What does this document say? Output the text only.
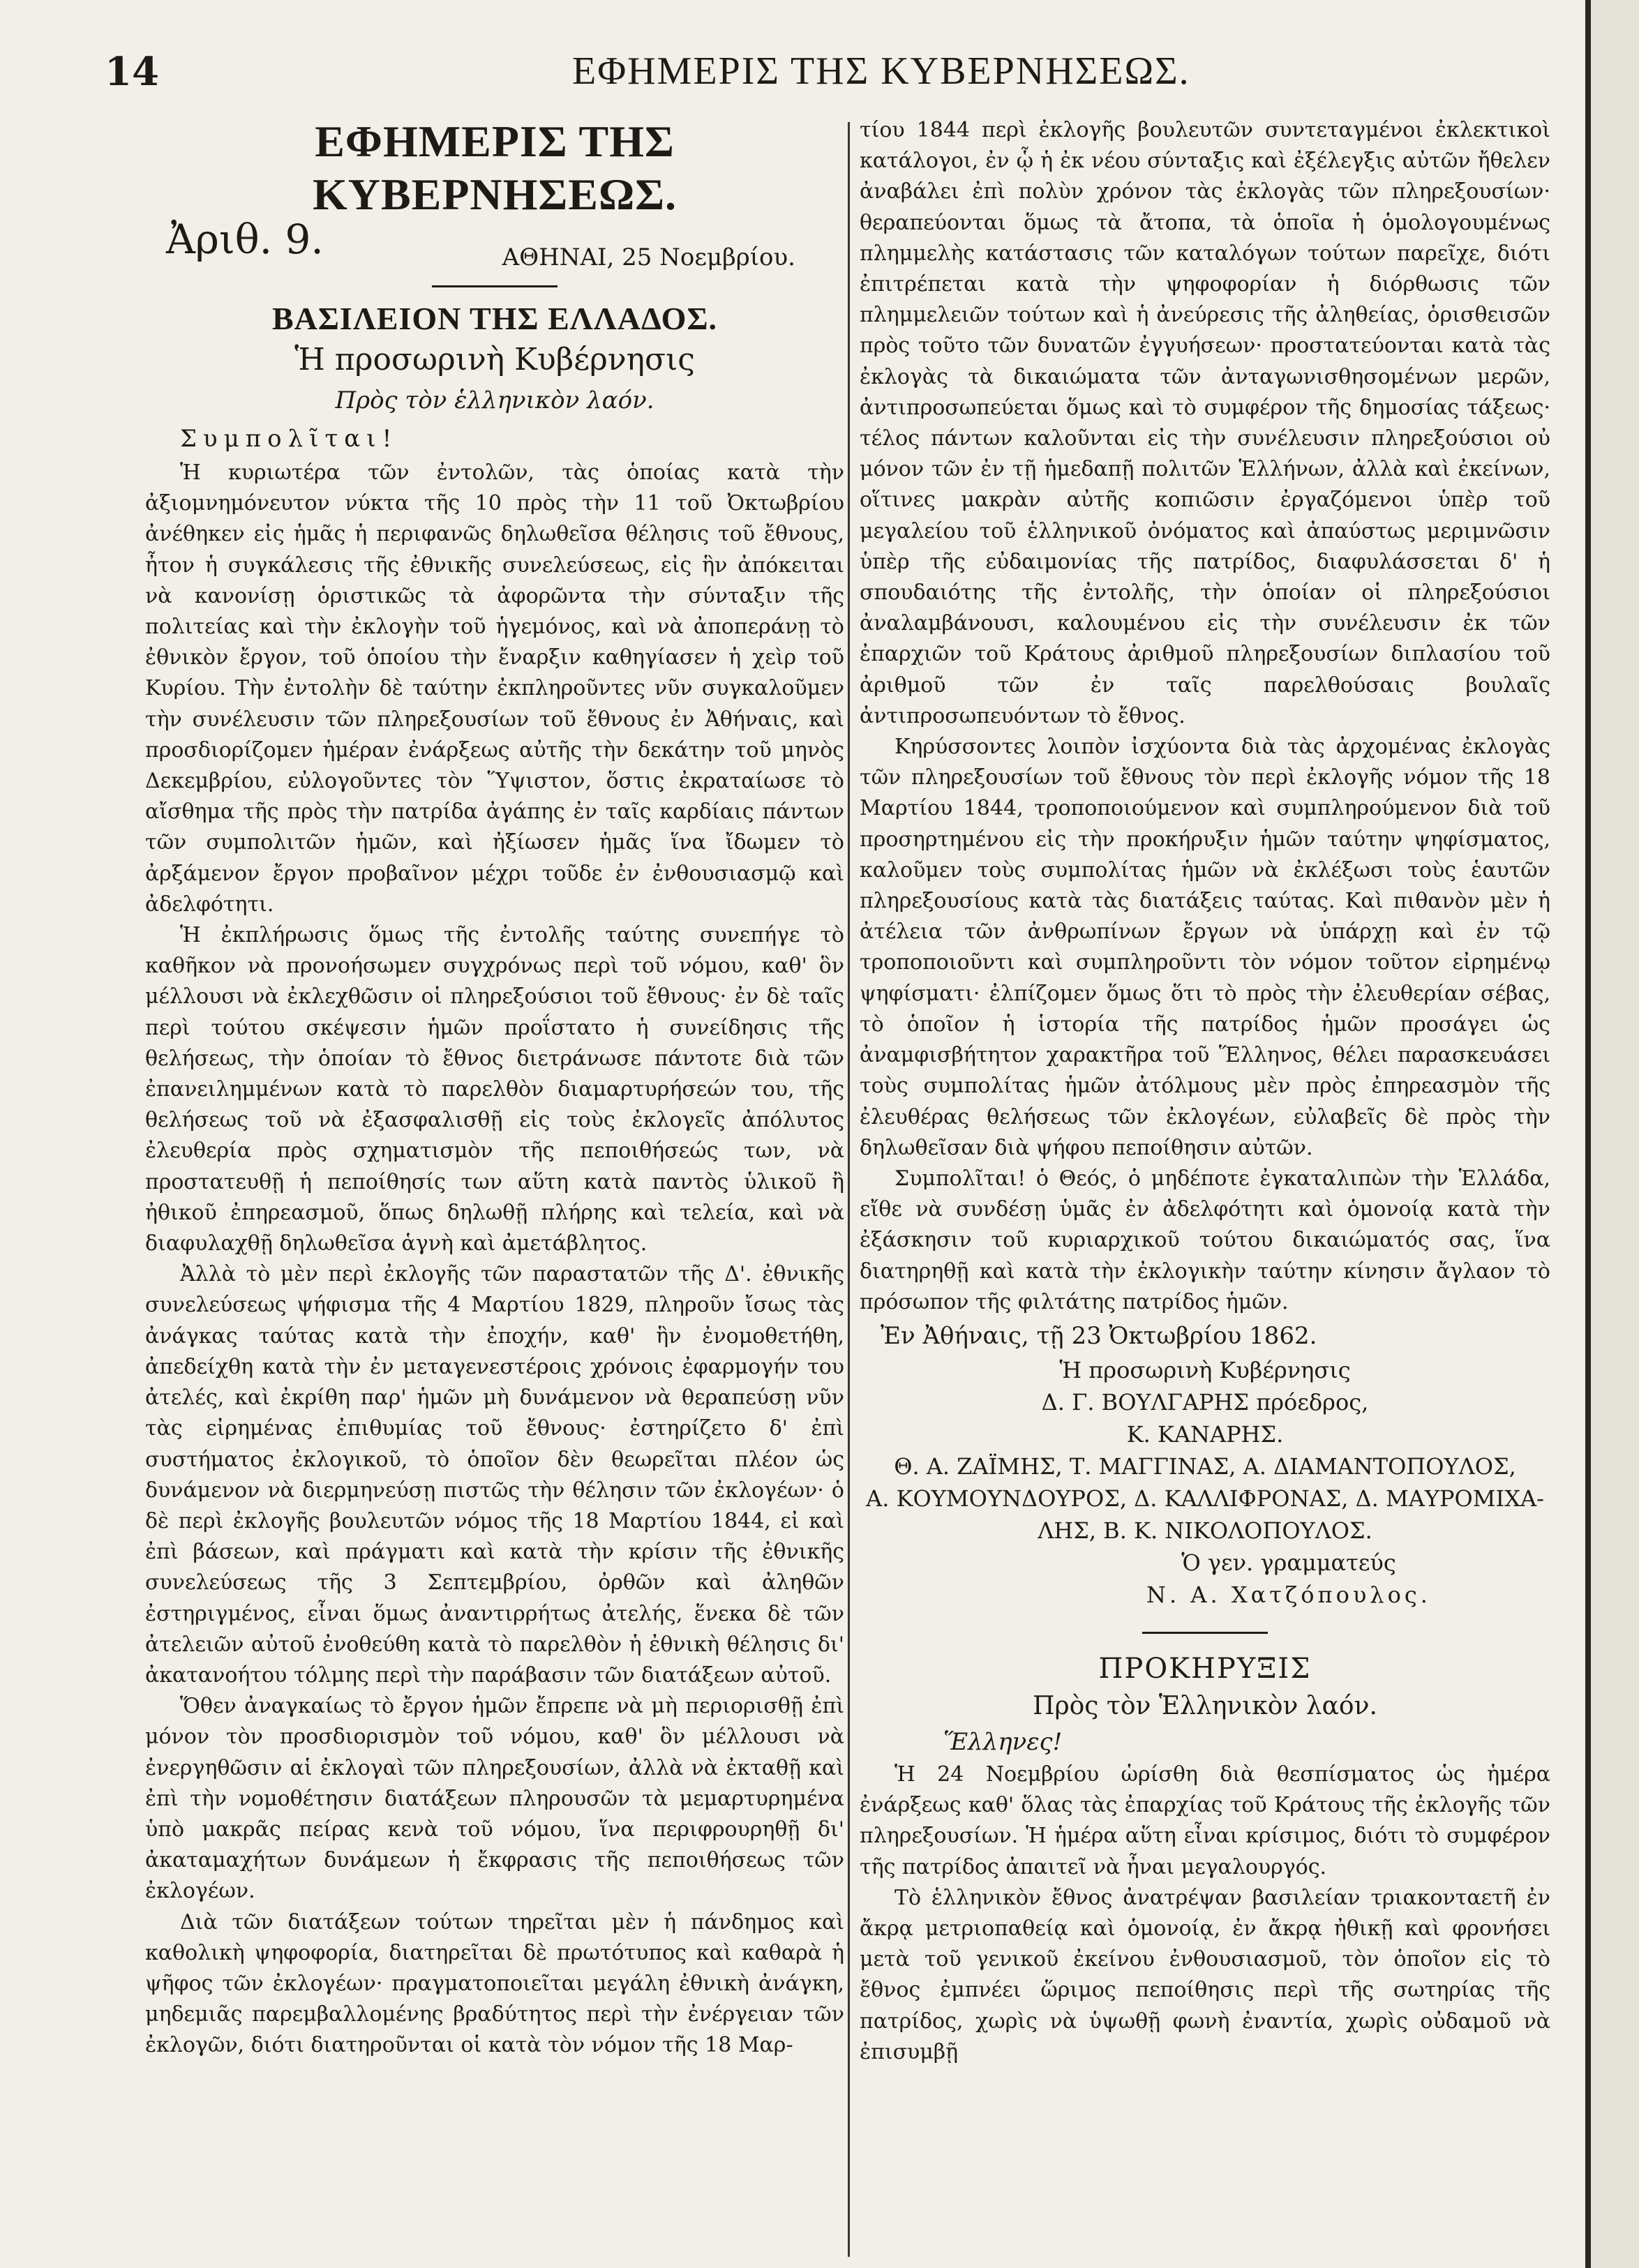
14	ΕΦΗΜΕΡΙΣ ΤΗΣ ΚΥΒΕΡΝΗΣΕΩΣ.
ΕΦΗΜΕΡΙΣ ΤΗΣ ΚΥΒΕΡΝΗΣΕΩΣ.
Ἀριθ. 9.	ΑΘΗΝΑΙ, 25 Νοεμβρίου.
ΒΑΣΙΛΕΙΟΝ ΤΗΣ ΕΛΛΑΔΟΣ.
Ἡ προσωρινὴ Κυβέρνησις
Πρὸς τὸν ἑλληνικὸν λαόν.
Συμπολῖται!

Ἡ κυριωτέρα τῶν ἐντολῶν, τὰς ὁποίας κατὰ τὴν ἀξιομνημόνευτον νύκτα τῆς 10 πρὸς τὴν 11 τοῦ Ὀκτωβρίου ἀνέθηκεν εἰς ἡμᾶς ἡ περιφανῶς δηλωθεῖσα θέλησις τοῦ ἔθνους, ἦτον ἡ συγκάλεσις τῆς ἐθνικῆς συνελεύσεως, εἰς ἣν ἀπόκειται νὰ κανονίσῃ ὁριστικῶς τὰ ἀφορῶντα τὴν σύνταξιν τῆς πολιτείας καὶ τὴν ἐκλογὴν τοῦ ἡγεμόνος, καὶ νὰ ἀποπεράνῃ τὸ ἐθνικὸν ἔργον, τοῦ ὁποίου τὴν ἔναρξιν καθηγίασεν ἡ χεὶρ τοῦ Κυρίου. Τὴν ἐντολὴν δὲ ταύτην ἐκπληροῦντες νῦν συγκαλοῦμεν τὴν συνέλευσιν τῶν πληρεξουσίων τοῦ ἔθνους ἐν Ἀθήναις, καὶ προσδιορίζομεν ἡμέραν ἐνάρξεως αὐτῆς τὴν δεκάτην τοῦ μηνὸς Δεκεμβρίου, εὐλογοῦντες τὸν Ὕψιστον, ὅστις ἐκραταίωσε τὸ αἴσθημα τῆς πρὸς τὴν πατρίδα ἀγάπης ἐν ταῖς καρδίαις πάντων τῶν συμπολιτῶν ἡμῶν, καὶ ἠξίωσεν ἡμᾶς ἵνα ἴδωμεν τὸ ἀρξάμενον ἔργον προβαῖνον μέχρι τοῦδε ἐν ἐνθουσιασμῷ καὶ ἀδελφότητι.

Ἡ ἐκπλήρωσις ὅμως τῆς ἐντολῆς ταύτης συνεπήγε τὸ καθῆκον νὰ προνοήσωμεν συγχρόνως περὶ τοῦ νόμου, καθ' ὃν μέλλουσι νὰ ἐκλεχθῶσιν οἱ πληρεξούσιοι τοῦ ἔθνους· ἐν δὲ ταῖς περὶ τούτου σκέψεσιν ἡμῶν προΐστατο ἡ συνείδησις τῆς θελήσεως, τὴν ὁποίαν τὸ ἔθνος διετράνωσε πάντοτε διὰ τῶν ἐπανειλημμένων κατὰ τὸ παρελθὸν διαμαρτυρήσεών του, τῆς θελήσεως τοῦ νὰ ἐξασφαλισθῇ εἰς τοὺς ἐκλογεῖς ἀπόλυτος ἐλευθερία πρὸς σχηματισμὸν τῆς πεποιθήσεώς των, νὰ προστατευθῇ ἡ πεποίθησίς των αὕτη κατὰ παντὸς ὑλικοῦ ἢ ἠθικοῦ ἐπηρεασμοῦ, ὅπως δηλωθῇ πλήρης καὶ τελεία, καὶ νὰ διαφυλαχθῇ δηλωθεῖσα ἁγνὴ καὶ ἀμετάβλητος.

Ἀλλὰ τὸ μὲν περὶ ἐκλογῆς τῶν παραστατῶν τῆς Δ'. ἐθνικῆς συνελεύσεως ψήφισμα τῆς 4 Μαρτίου 1829, πληροῦν ἴσως τὰς ἀνάγκας ταύτας κατὰ τὴν ἐποχήν, καθ' ἣν ἐνομοθετήθη, ἀπεδείχθη κατὰ τὴν ἐν μεταγενεστέροις χρόνοις ἐφαρμογήν του ἀτελές, καὶ ἐκρίθη παρ' ἡμῶν μὴ δυνάμενον νὰ θεραπεύσῃ νῦν τὰς εἰρημένας ἐπιθυμίας τοῦ ἔθνους· ἐστηρίζετο δ' ἐπὶ συστήματος ἐκλογικοῦ, τὸ ὁποῖον δὲν θεωρεῖται πλέον ὡς δυνάμενον νὰ διερμηνεύσῃ πιστῶς τὴν θέλησιν τῶν ἐκλογέων· ὁ δὲ περὶ ἐκλογῆς βουλευτῶν νόμος τῆς 18 Μαρτίου 1844, εἰ καὶ ἐπὶ βάσεων, καὶ πράγματι καὶ κατὰ τὴν κρίσιν τῆς ἐθνικῆς συνελεύσεως τῆς 3 Σεπτεμβρίου, ὀρθῶν καὶ ἀληθῶν ἐστηριγμένος, εἶναι ὅμως ἀναντιρρήτως ἀτελής, ἕνεκα δὲ τῶν ἀτελειῶν αὐτοῦ ἐνοθεύθη κατὰ τὸ παρελθὸν ἡ ἐθνικὴ θέλησις δι' ἀκατανοήτου τόλμης περὶ τὴν παράβασιν τῶν διατάξεων αὐτοῦ.

Ὅθεν ἀναγκαίως τὸ ἔργον ἡμῶν ἔπρεπε νὰ μὴ περιορισθῇ ἐπὶ μόνον τὸν προσδιορισμὸν τοῦ νόμου, καθ' ὃν μέλλουσι νὰ ἐνεργηθῶσιν αἱ ἐκλογαὶ τῶν πληρεξουσίων, ἀλλὰ νὰ ἐκταθῇ καὶ ἐπὶ τὴν νομοθέτησιν διατάξεων πληρουσῶν τὰ μεμαρτυρημένα ὑπὸ μακρᾶς πείρας κενὰ τοῦ νόμου, ἵνα περιφρουρηθῇ δι' ἀκαταμαχήτων δυνάμεων ἡ ἔκφρασις τῆς πεποιθήσεως τῶν ἐκλογέων.

Διὰ τῶν διατάξεων τούτων τηρεῖται μὲν ἡ πάνδημος καὶ καθολικὴ ψηφοφορία, διατηρεῖται δὲ πρωτότυπος καὶ καθαρὰ ἡ ψῆφος τῶν ἐκλογέων· πραγματοποιεῖται μεγάλη ἐθνικὴ ἀνάγκη, μηδεμιᾶς παρεμβαλλομένης βραδύτητος περὶ τὴν ἐνέργειαν τῶν ἐκλογῶν, διότι διατηροῦνται οἱ κατὰ τὸν νόμον τῆς 18 Μαρ-

τίου 1844 περὶ ἐκλογῆς βουλευτῶν συντεταγμένοι ἐκλεκτικοὶ κατάλογοι, ἐν ᾧ ἡ ἐκ νέου σύνταξις καὶ ἐξέλεγξις αὐτῶν ἤθελεν ἀναβάλει ἐπὶ πολὺν χρόνον τὰς ἐκλογὰς τῶν πληρεξουσίων· θεραπεύονται ὅμως τὰ ἄτοπα, τὰ ὁποῖα ἡ ὁμολογουμένως πλημμελὴς κατάστασις τῶν καταλόγων τούτων παρεῖχε, διότι ἐπιτρέπεται κατὰ τὴν ψηφοφορίαν ἡ διόρθωσις τῶν πλημμελειῶν τούτων καὶ ἡ ἀνεύρεσις τῆς ἀληθείας, ὁρισθεισῶν πρὸς τοῦτο τῶν δυνατῶν ἐγγυήσεων· προστατεύονται κατὰ τὰς ἐκλογὰς τὰ δικαιώματα τῶν ἀνταγωνισθησομένων μερῶν, ἀντιπροσωπεύεται ὅμως καὶ τὸ συμφέρον τῆς δημοσίας τάξεως· τέλος πάντων καλοῦνται εἰς τὴν συνέλευσιν πληρεξούσιοι οὐ μόνον τῶν ἐν τῇ ἡμεδαπῇ πολιτῶν Ἑλλήνων, ἀλλὰ καὶ ἐκείνων, οἵτινες μακρὰν αὐτῆς κοπιῶσιν ἐργαζόμενοι ὑπὲρ τοῦ μεγαλείου τοῦ ἑλληνικοῦ ὀνόματος καὶ ἀπαύστως μεριμνῶσιν ὑπὲρ τῆς εὐδαιμονίας τῆς πατρίδος, διαφυλάσσεται δ' ἡ σπουδαιότης τῆς ἐντολῆς, τὴν ὁποίαν οἱ πληρεξούσιοι ἀναλαμβάνουσι, καλουμένου εἰς τὴν συνέλευσιν ἐκ τῶν ἐπαρχιῶν τοῦ Κράτους ἀριθμοῦ πληρεξουσίων διπλασίου τοῦ ἀριθμοῦ τῶν ἐν ταῖς παρελθούσαις βουλαῖς ἀντιπροσωπευόντων τὸ ἔθνος.

Κηρύσσοντες λοιπὸν ἰσχύοντα διὰ τὰς ἀρχομένας ἐκλογὰς τῶν πληρεξουσίων τοῦ ἔθνους τὸν περὶ ἐκλογῆς νόμον τῆς 18 Μαρτίου 1844, τροποποιούμενον καὶ συμπληρούμενον διὰ τοῦ προσηρτημένου εἰς τὴν προκήρυξιν ἡμῶν ταύτην ψηφίσματος, καλοῦμεν τοὺς συμπολίτας ἡμῶν νὰ ἐκλέξωσι τοὺς ἑαυτῶν πληρεξουσίους κατὰ τὰς διατάξεις ταύτας. Καὶ πιθανὸν μὲν ἡ ἀτέλεια τῶν ἀνθρωπίνων ἔργων νὰ ὑπάρχῃ καὶ ἐν τῷ τροποποιοῦντι καὶ συμπληροῦντι τὸν νόμον τοῦτον εἰρημένῳ ψηφίσματι· ἐλπίζομεν ὅμως ὅτι τὸ πρὸς τὴν ἐλευθερίαν σέβας, τὸ ὁποῖον ἡ ἱστορία τῆς πατρίδος ἡμῶν προσάγει ὡς ἀναμφισβήτητον χαρακτῆρα τοῦ Ἕλληνος, θέλει παρασκευάσει τοὺς συμπολίτας ἡμῶν ἀτόλμους μὲν πρὸς ἐπηρεασμὸν τῆς ἐλευθέρας θελήσεως τῶν ἐκλογέων, εὐλαβεῖς δὲ πρὸς τὴν δηλωθεῖσαν διὰ ψήφου πεποίθησιν αὐτῶν.

Συμπολῖται! ὁ Θεός, ὁ μηδέποτε ἐγκαταλιπὼν τὴν Ἑλλάδα, εἴθε νὰ συνδέσῃ ὑμᾶς ἐν ἀδελφότητι καὶ ὁμονοίᾳ κατὰ τὴν ἐξάσκησιν τοῦ κυριαρχικοῦ τούτου δικαιώματός σας, ἵνα διατηρηθῇ καὶ κατὰ τὴν ἐκλογικὴν ταύτην κίνησιν ἄγλαον τὸ πρόσωπον τῆς φιλτάτης πατρίδος ἡμῶν.

Ἐν Ἀθήναις, τῇ 23 Ὀκτωβρίου 1862.
Ἡ προσωρινὴ Κυβέρνησις
Δ. Γ. ΒΟΥΛΓΑΡΗΣ πρόεδρος,
Κ. ΚΑΝΑΡΗΣ.
Θ. Α. ΖΑΪΜΗΣ, Τ. ΜΑΓΓΙΝΑΣ, Α. ΔΙΑΜΑΝΤΟΠΟΥΛΟΣ,
Α. ΚΟΥΜΟΥΝΔΟΥΡΟΣ, Δ. ΚΑΛΛΙΦΡΟΝΑΣ, Δ. ΜΑΥΡΟΜΙΧΑ-
ΛΗΣ, Β. Κ. ΝΙΚΟΛΟΠΟΥΛΟΣ.
Ὁ γεν. γραμματεύς
Ν. Α. Χατζόπουλος.
ΠΡΟΚΗΡΥΞΙΣ
Πρὸς τὸν Ἑλληνικὸν λαόν.
Ἕλληνες!

Ἡ 24 Νοεμβρίου ὡρίσθη διὰ θεσπίσματος ὡς ἡμέρα ἐνάρξεως καθ' ὅλας τὰς ἐπαρχίας τοῦ Κράτους τῆς ἐκλογῆς τῶν πληρεξουσίων. Ἡ ἡμέρα αὕτη εἶναι κρίσιμος, διότι τὸ συμφέρον τῆς πατρίδος ἀπαιτεῖ νὰ ἦναι μεγαλουργός.

Τὸ ἑλληνικὸν ἔθνος ἀνατρέψαν βασιλείαν τριακονταετῆ ἐν ἄκρᾳ μετριοπαθείᾳ καὶ ὁμονοίᾳ, ἐν ἄκρᾳ ἠθικῇ καὶ φρονήσει μετὰ τοῦ γενικοῦ ἐκείνου ἐνθουσιασμοῦ, τὸν ὁποῖον εἰς τὸ ἔθνος ἐμπνέει ὥριμος πεποίθησις περὶ τῆς σωτηρίας τῆς πατρίδος, χωρὶς νὰ ὑψωθῇ φωνὴ ἐναντία, χωρὶς οὐδαμοῦ νὰ ἐπισυμβῇ
